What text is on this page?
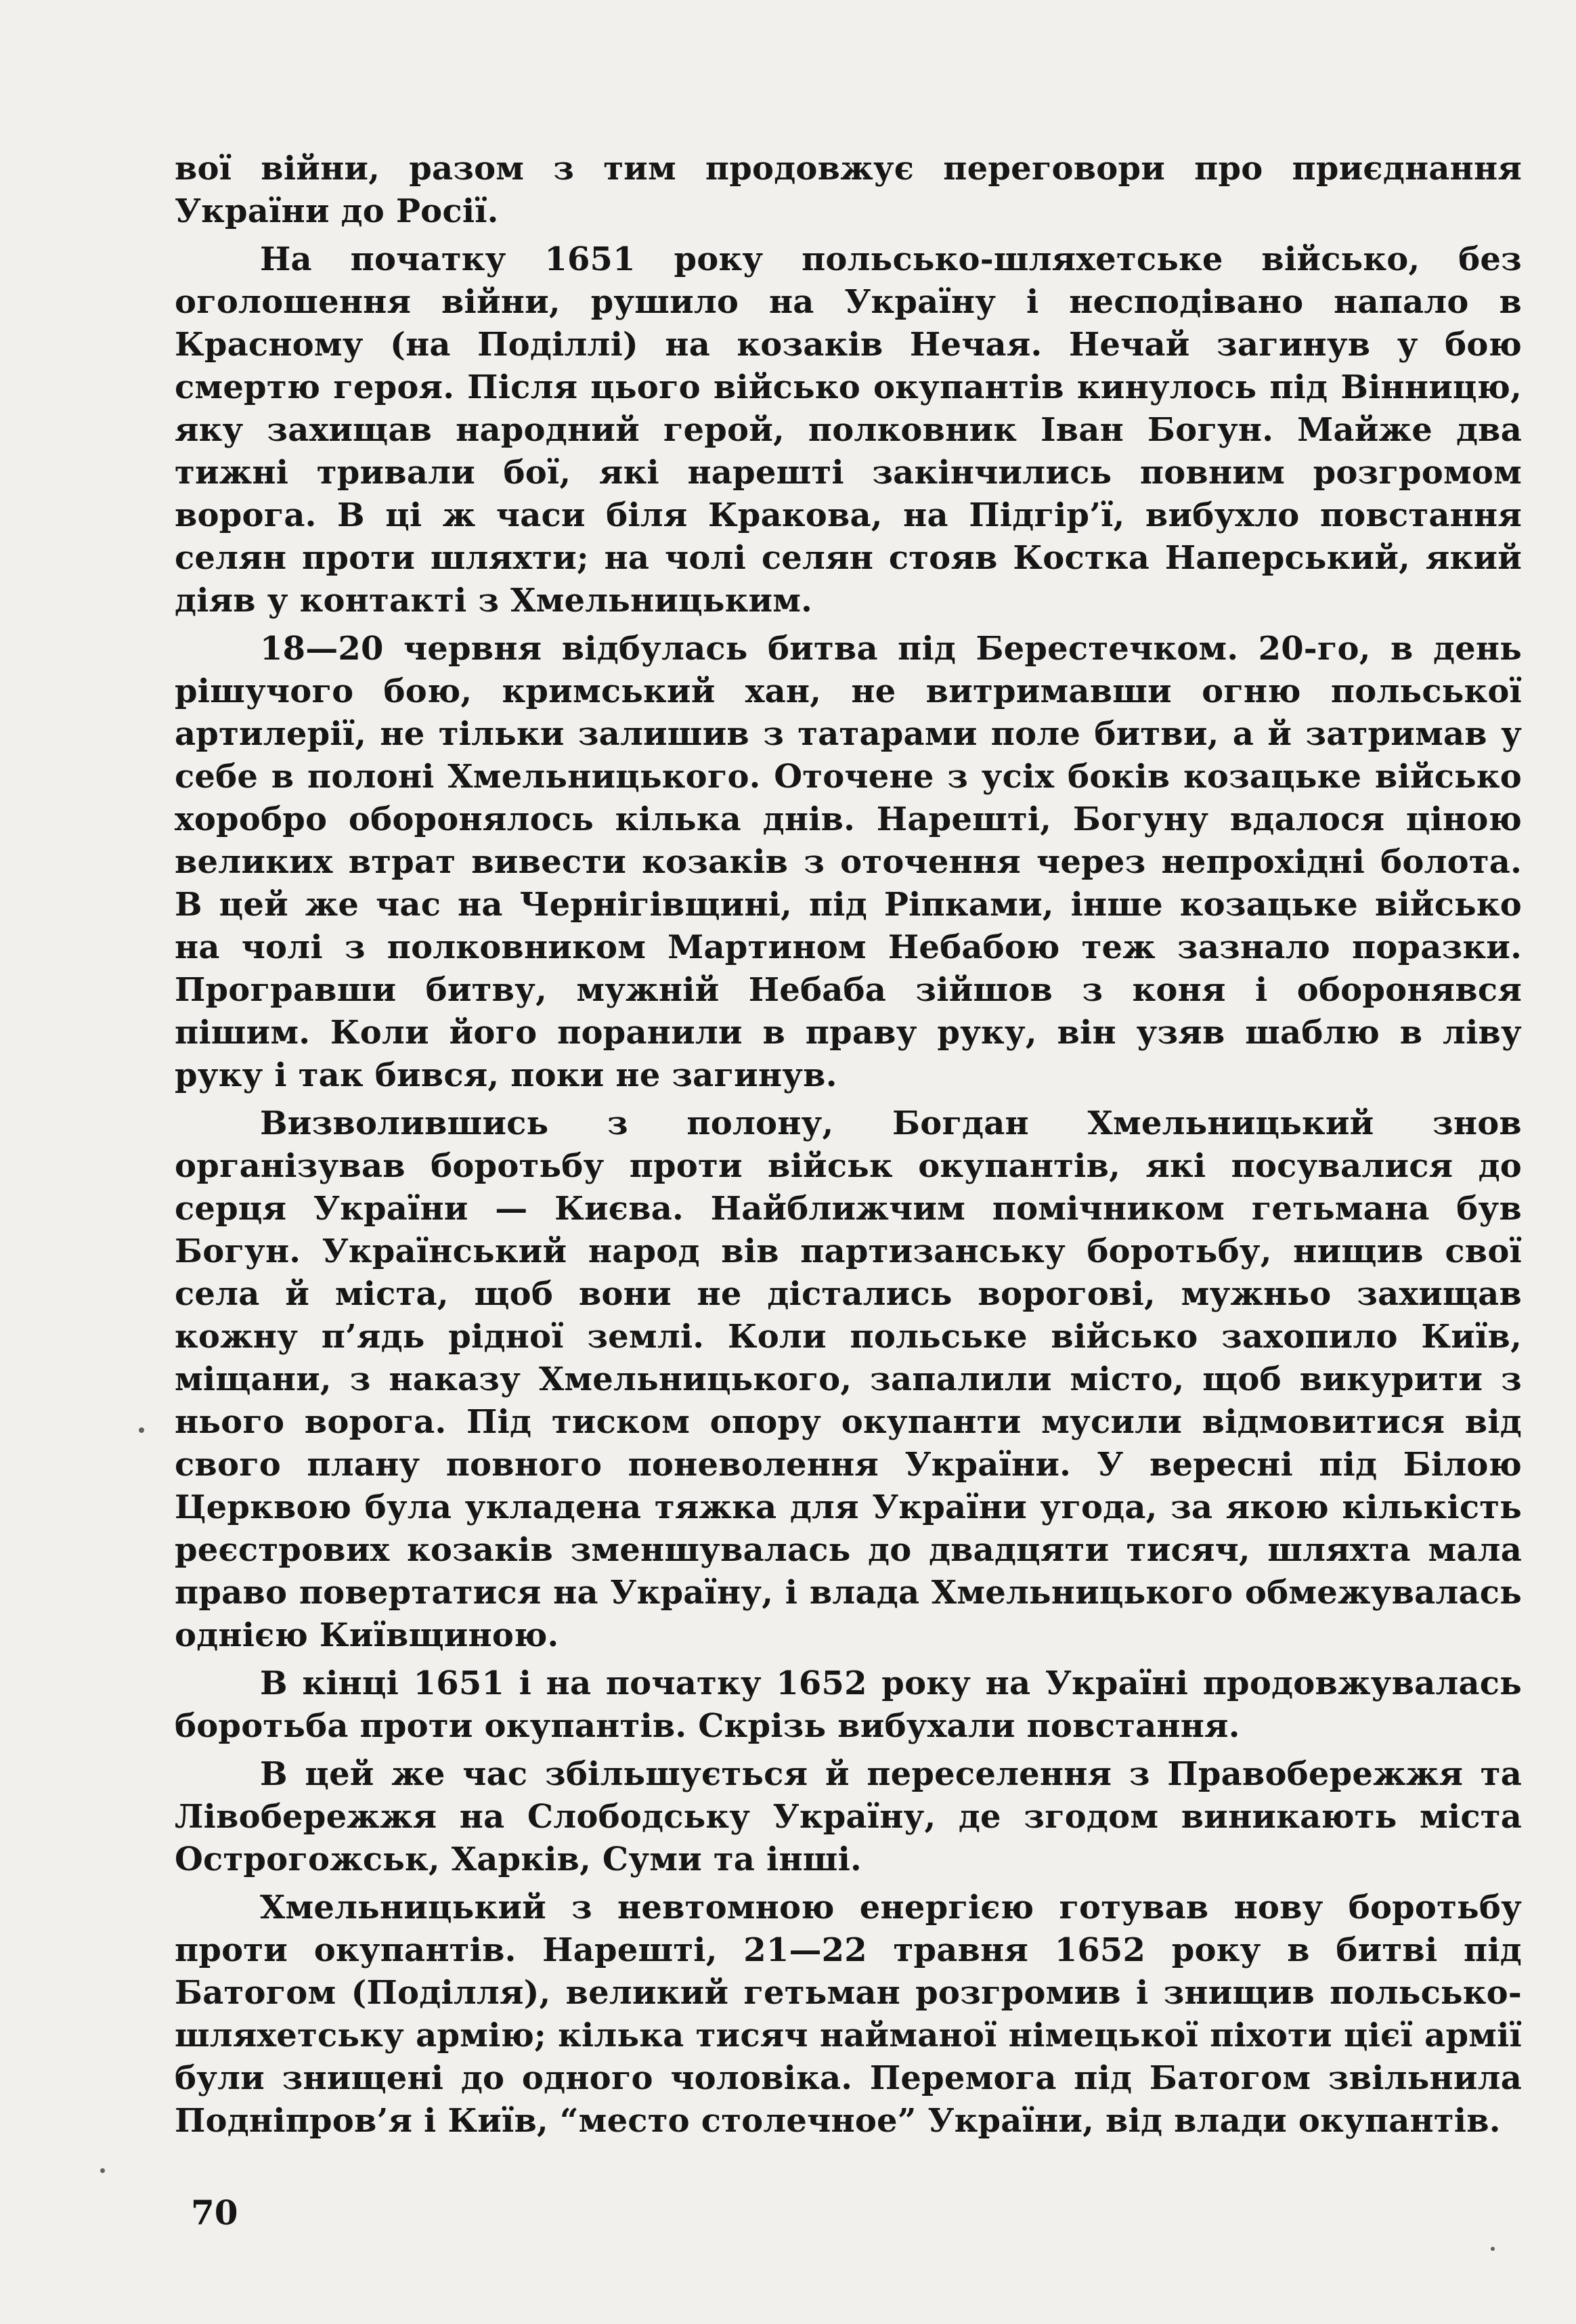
вої війни, разом з тим продовжує переговори про приєднання України до Росії.

На початку 1651 року польсько-шляхетське військо, без оголошення війни, рушило на Україну і несподівано напало в Красному (на Поділлі) на козаків Нечая. Нечай загинув у бою смертю героя. Після цього військо окупантів кинулось під Вінницю, яку захищав народний герой, полковник Іван Богун. Майже два тижні тривали бої, які нарешті закінчились повним розгромом ворога. В ці ж часи біля Кракова, на Підгір’ї, вибухло повстання селян проти шляхти; на чолі селян стояв Костка Наперський, який діяв у контакті з Хмельницьким.

18—20 червня відбулась битва під Берестечком. 20-го, в день рішучого бою, кримський хан, не витримавши огню польської артилерії, не тільки залишив з татарами поле битви, а й затримав у себе в полоні Хмельницького. Оточене з усіх боків козацьке військо хоробро оборонялось кілька днів. Нарешті, Богуну вдалося ціною великих втрат вивести козаків з оточення через непрохідні болота. В цей же час на Чернігівщині, під Ріпками, інше козацьке військо на чолі з полковником Мартином Небабою теж зазнало поразки. Програвши битву, мужній Небаба зійшов з коня і оборонявся пішим. Коли його поранили в праву руку, він узяв шаблю в ліву руку і так бився, поки не загинув.

Визволившись з полону, Богдан Хмельницький знов організував боротьбу проти військ окупантів, які посувалися до серця України — Києва. Найближчим помічником гетьмана був Богун. Український народ вів партизанську боротьбу, нищив свої села й міста, щоб вони не дістались ворогові, мужньо захищав кожну п’ядь рідної землі. Коли польське військо захопило Київ, міщани, з наказу Хмельницького, запалили місто, щоб викурити з нього ворога. Під тиском опору окупанти мусили відмовитися від свого плану повного поневолення України. У вересні під Білою Церквою була укладена тяжка для України угода, за якою кількість реєстрових козаків зменшувалась до двадцяти тисяч, шляхта мала право повертатися на Україну, і влада Хмельницького обмежувалась однією Київщиною.

В кінці 1651 і на початку 1652 року на Україні продовжувалась боротьба проти окупантів. Скрізь вибухали повстання.

В цей же час збільшується й переселення з Правобережжя та Лівобережжя на Слободську Україну, де згодом виникають міста Острогожськ, Харків, Суми та інші.

Хмельницький з невтомною енергією готував нову боротьбу проти окупантів. Нарешті, 21—22 травня 1652 року в битві під Батогом (Поділля), великий гетьман розгромив і знищив польсько-шляхетську армію; кілька тисяч найманої німецької піхоти цієї армії були знищені до одного чоловіка. Перемога під Батогом звільнила Подніпров’я і Київ, “место столечное” України, від влади окупантів.

70
